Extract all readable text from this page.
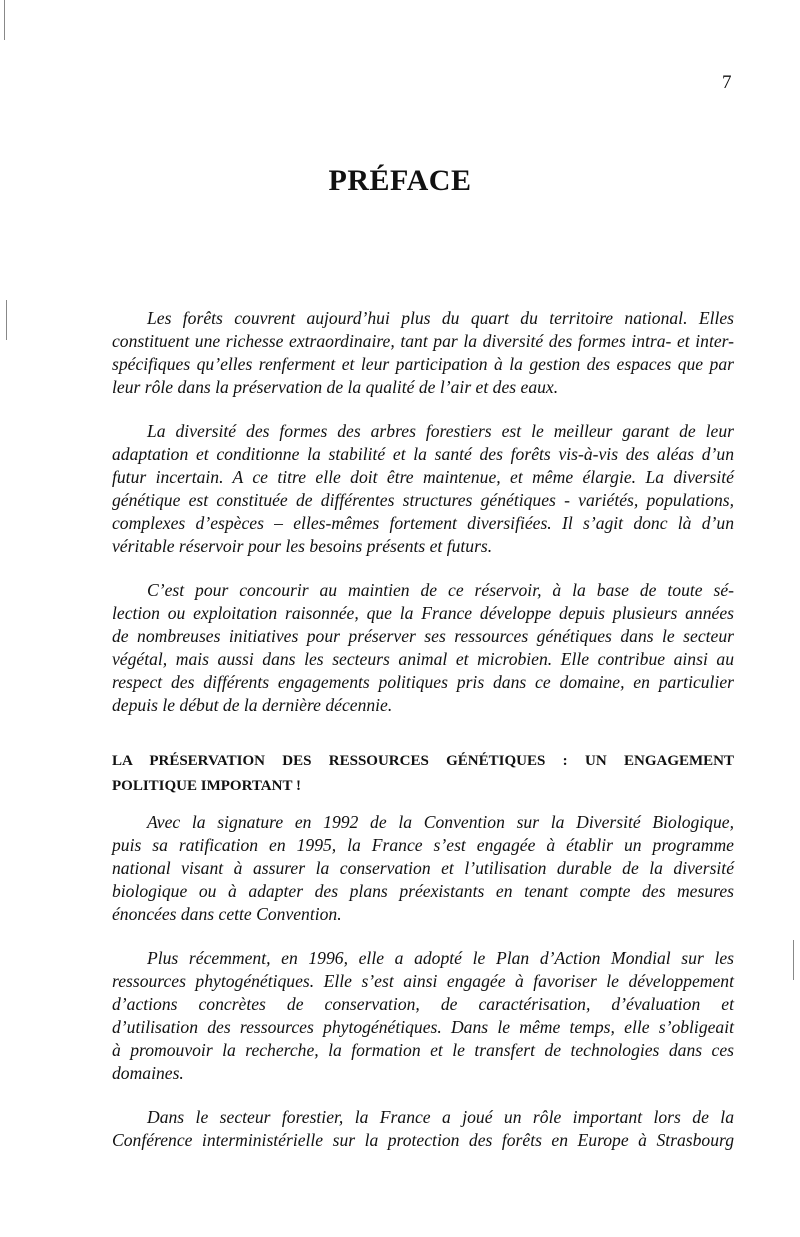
7
PRÉFACE
Les forêts couvrent aujourd’hui plus du quart du territoire national. Elles
constituent une richesse extraordinaire, tant par la diversité des formes intra- et inter-
spécifiques qu’elles renferment et leur participation à la gestion des espaces que par
leur rôle dans la préservation de la qualité de l’air et des eaux.
La diversité des formes des arbres forestiers est le meilleur garant de leur
adaptation et conditionne la stabilité et la santé des forêts vis-à-vis des aléas d’un
futur incertain. A ce titre elle doit être maintenue, et même élargie. La diversité
génétique est constituée de différentes structures génétiques - variétés, populations,
complexes d’espèces – elles-mêmes fortement diversifiées. Il s’agit donc là d’un
véritable réservoir pour les besoins présents et futurs.
C’est pour concourir au maintien de ce réservoir, à la base de toute sé-
lection ou exploitation raisonnée, que la France développe depuis plusieurs années
de nombreuses initiatives pour préserver ses ressources génétiques dans le secteur
végétal, mais aussi dans les secteurs animal et microbien. Elle contribue ainsi au
respect des différents engagements politiques pris dans ce domaine, en particulier
depuis le début de la dernière décennie.
LA PRÉSERVATION DES RESSOURCES GÉNÉTIQUES : UN ENGAGEMENT
POLITIQUE IMPORTANT !
Avec la signature en 1992 de la Convention sur la Diversité Biologique,
puis sa ratification en 1995, la France s’est engagée à établir un programme
national visant à assurer la conservation et l’utilisation durable de la diversité
biologique ou à adapter des plans préexistants en tenant compte des mesures
énoncées dans cette Convention.
Plus récemment, en 1996, elle a adopté le Plan d’Action Mondial sur les
ressources phytogénétiques. Elle s’est ainsi engagée à favoriser le développement
d’actions concrètes de conservation, de caractérisation, d’évaluation et
d’utilisation des ressources phytogénétiques. Dans le même temps, elle s’obligeait
à promouvoir la recherche, la formation et le transfert de technologies dans ces
domaines.
Dans le secteur forestier, la France a joué un rôle important lors de la
Conférence interministérielle sur la protection des forêts en Europe à Strasbourg
